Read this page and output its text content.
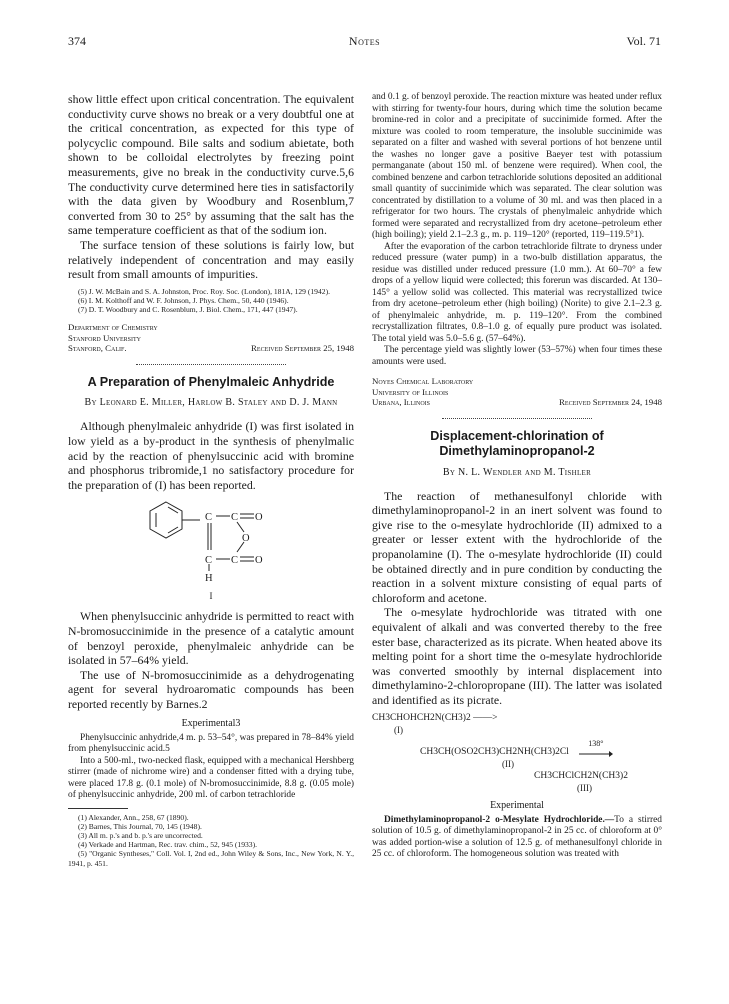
374	Notes	Vol. 71

show little effect upon critical concentration. The equivalent conductivity curve shows no break or a very doubtful one at the critical concentration, as expected for this type of polycyclic compound. Bile salts and sodium abietate, both shown to be colloidal electrolytes by freezing point measurements, give no break in the conductivity curve.5,6 The conductivity curve determined here ties in satisfactorily with the data given by Woodbury and Rosenblum,7 converted from 30 to 25° by assuming that the salt has the same temperature coefficient as that of the sodium ion.

The surface tension of these solutions is fairly low, but relatively independent of concentration and may easily result from small amounts of impurities.

(5) J. W. McBain and S. A. Johnston, Proc. Roy. Soc. (London), 181A, 129 (1942).

(6) I. M. Kolthoff and W. F. Johnson, J. Phys. Chem., 50, 440 (1946).

(7) D. T. Woodbury and C. Rosenblum, J. Biol. Chem., 171, 447 (1947).

Department of Chemistry
Stanford University
Stanford, Calif.	Received September 25, 1948

A Preparation of Phenylmaleic Anhydride

By Leonard E. Miller, Harlow B. Staley and D. J. Mann

Although phenylmaleic anhydride (I) was first isolated in low yield as a by-product in the synthesis of phenylmalic acid by the reaction of phenylsuccinic acid with bromine and phosphorus tribromide,1 no satisfactory procedure for the preparation of (I) has been reported.

C C
C C
O
O
O
H
I

When phenylsuccinic anhydride is permitted to react with N-bromosuccinimide in the presence of a catalytic amount of benzoyl peroxide, phenylmaleic anhydride can be isolated in 57–64% yield.

The use of N-bromosuccinimide as a dehydrogenating agent for several hydroaromatic compounds has been reported recently by Barnes.2

Experimental3

Phenylsuccinic anhydride,4 m. p. 53–54°, was prepared in 78–84% yield from phenylsuccinic acid.5

Into a 500-ml., two-necked flask, equipped with a mechanical Hershberg stirrer (made of nichrome wire) and a condenser fitted with a drying tube, were placed 17.8 g. (0.1 mole) of N-bromosuccinimide, 8.8 g. (0.05 mole) of phenylsuccinic anhydride, 200 ml. of carbon tetrachloride

(1) Alexander, Ann., 258, 67 (1890).

(2) Barnes, This Journal, 70, 145 (1948).

(3) All m. p.'s and b. p.'s are uncorrected.

(4) Verkade and Hartman, Rec. trav. chim., 52, 945 (1933).

(5) "Organic Syntheses," Coll. Vol. I, 2nd ed., John Wiley & Sons, Inc., New York, N. Y., 1941, p. 451.

and 0.1 g. of benzoyl peroxide. The reaction mixture was heated under reflux with stirring for twenty-four hours, during which time the solution became bromine-red in color and a precipitate of succinimide formed. After the mixture was cooled to room temperature, the insoluble succinimide was separated on a filter and washed with several portions of hot benzene until the washes no longer gave a positive Baeyer test with potassium permanganate (about 150 ml. of benzene were required). When cool, the combined benzene and carbon tetrachloride solutions deposited an additional small quantity of succinimide which was separated. The clear solution was concentrated by distillation to a volume of 30 ml. and was then placed in a refrigerator for two hours. The crystals of phenylmaleic anhydride which formed were separated and recrystallized from dry acetone–petroleum ether (high boiling); yield 2.1–2.3 g., m. p. 119–120° (reported, 119–119.5°1).

After the evaporation of the carbon tetrachloride filtrate to dryness under reduced pressure (water pump) in a two-bulb distillation apparatus, the residue was distilled under reduced pressure (1.0 mm.). At 60–70° a few drops of a yellow liquid were collected; this forerun was discarded. At 130–145° a yellow solid was collected. This material was recrystallized twice from dry acetone–petroleum ether (high boiling) (Norite) to give 2.1–2.3 g. of phenylmaleic anhydride, m. p. 119–120°. From the combined recrystallization filtrates, 0.8–1.0 g. of equally pure product was isolated. The total yield was 5.0–5.6 g. (57–64%).

The percentage yield was slightly lower (53–57%) when four times these amounts were used.

Noyes Chemical Laboratory
University of Illinois
Urbana, Illinois	Received September 24, 1948

Displacement-chlorination of Dimethylaminopropanol-2

By N. L. Wendler and M. Tishler

The reaction of methanesulfonyl chloride with dimethylaminopropanol-2 in an inert solvent was found to give rise to the o-mesylate hydrochloride (II) admixed to a greater or lesser extent with the hydrochloride of the propanolamine (I). The o-mesylate hydrochloride (II) could be obtained directly and in pure condition by conducting the reaction in a solvent mixture consisting of equal parts of chloroform and acetone.

The o-mesylate hydrochloride was titrated with one equivalent of alkali and was converted thereby to the free ester base, characterized as its picrate. When heated above its melting point for a short time the o-mesylate hydrochloride was converted smoothly by internal displacement into dimethylamino-2-chloropropane (III). The latter was isolated and identified as its picrate.

CH3CHOHCH2N(CH3)2 ——>
(I)
CH3CH(OSO2CH3)CH2NH(CH3)2Cl
138°
(II)
CH3CHClCH2N(CH3)2
(III)
Experimental

Dimethylaminopropanol-2 o-Mesylate Hydrochloride.—To a stirred solution of 10.5 g. of dimethylaminopropanol-2 in 25 cc. of chloroform at 0° was added portion-wise a solution of 12.5 g. of methanesulfonyl chloride in 25 cc. of chloroform. The homogeneous solution was treated with
